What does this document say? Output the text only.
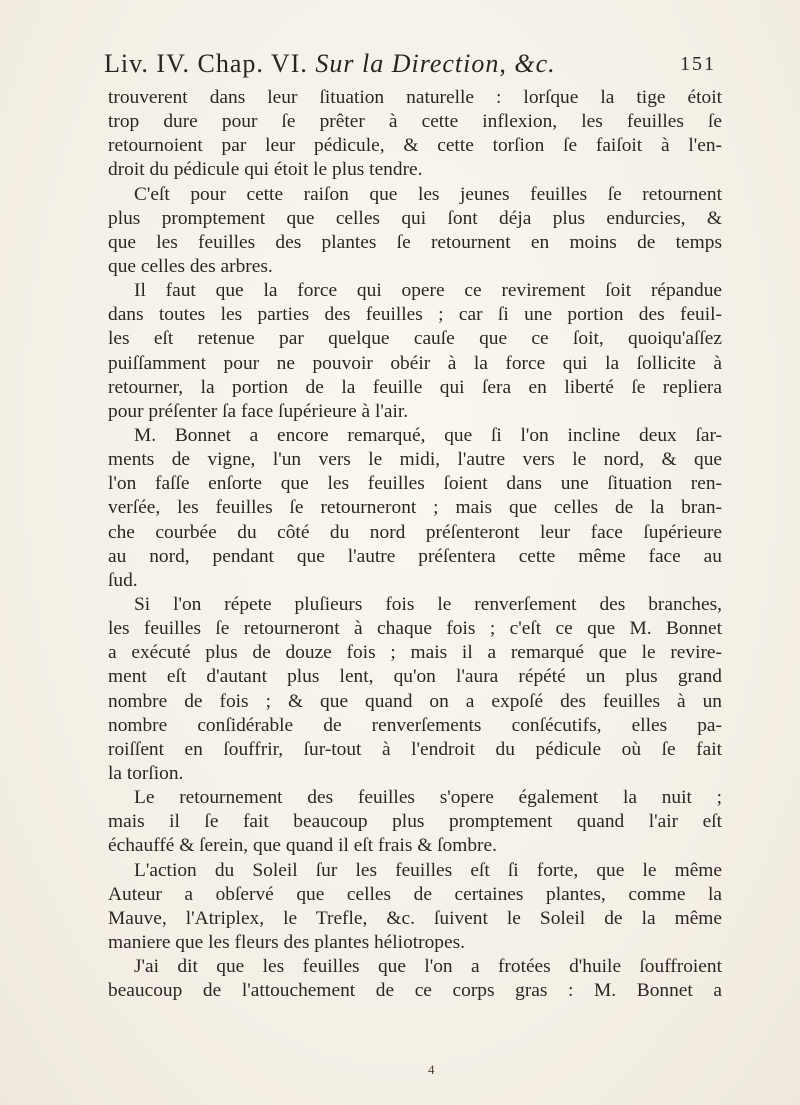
Liv. IV. Chap. VI. Sur la Direction, &c.	151
trouverent dans leur ſituation naturelle : lorſque la tige étoit
trop dure pour ſe prêter à cette inflexion, les feuilles ſe
retournoient par leur pédicule, & cette torſion ſe faiſoit à l'en-
droit du pédicule qui étoit le plus tendre.
C'eſt pour cette raiſon que les jeunes feuilles ſe retournent
plus promptement que celles qui ſont déja plus endurcies, &
que les feuilles des plantes ſe retournent en moins de temps
que celles des arbres.
Il faut que la force qui opere ce revirement ſoit répandue
dans toutes les parties des feuilles ; car ſi une portion des feuil-
les eſt retenue par quelque cauſe que ce ſoit, quoiqu'aſſez
puiſſamment pour ne pouvoir obéir à la force qui la ſollicite à
retourner, la portion de la feuille qui ſera en liberté ſe repliera
pour préſenter ſa face ſupérieure à l'air.
M. Bonnet a encore remarqué, que ſi l'on incline deux ſar-
ments de vigne, l'un vers le midi, l'autre vers le nord, & que
l'on faſſe enſorte que les feuilles ſoient dans une ſituation ren-
verſée, les feuilles ſe retourneront ; mais que celles de la bran-
che courbée du côté du nord préſenteront leur face ſupérieure
au nord, pendant que l'autre préſentera cette même face au
ſud.
Si l'on répete pluſieurs fois le renverſement des branches,
les feuilles ſe retourneront à chaque fois ; c'eſt ce que M. Bonnet
a exécuté plus de douze fois ; mais il a remarqué que le revire-
ment eſt d'autant plus lent, qu'on l'aura répété un plus grand
nombre de fois ; & que quand on a expoſé des feuilles à un
nombre conſidérable de renverſements conſécutifs, elles pa-
roiſſent en ſouffrir, ſur-tout à l'endroit du pédicule où ſe fait
la torſion.
Le retournement des feuilles s'opere également la nuit ;
mais il ſe fait beaucoup plus promptement quand l'air eſt
échauffé & ſerein, que quand il eſt frais & ſombre.
L'action du Soleil ſur les feuilles eſt ſi forte, que le même
Auteur a obſervé que celles de certaines plantes, comme la
Mauve, l'Atriplex, le Trefle, &c. ſuivent le Soleil de la même
maniere que les fleurs des plantes héliotropes.
J'ai dit que les feuilles que l'on a frotées d'huile ſouffroient
beaucoup de l'attouchement de ce corps gras : M. Bonnet a
4
